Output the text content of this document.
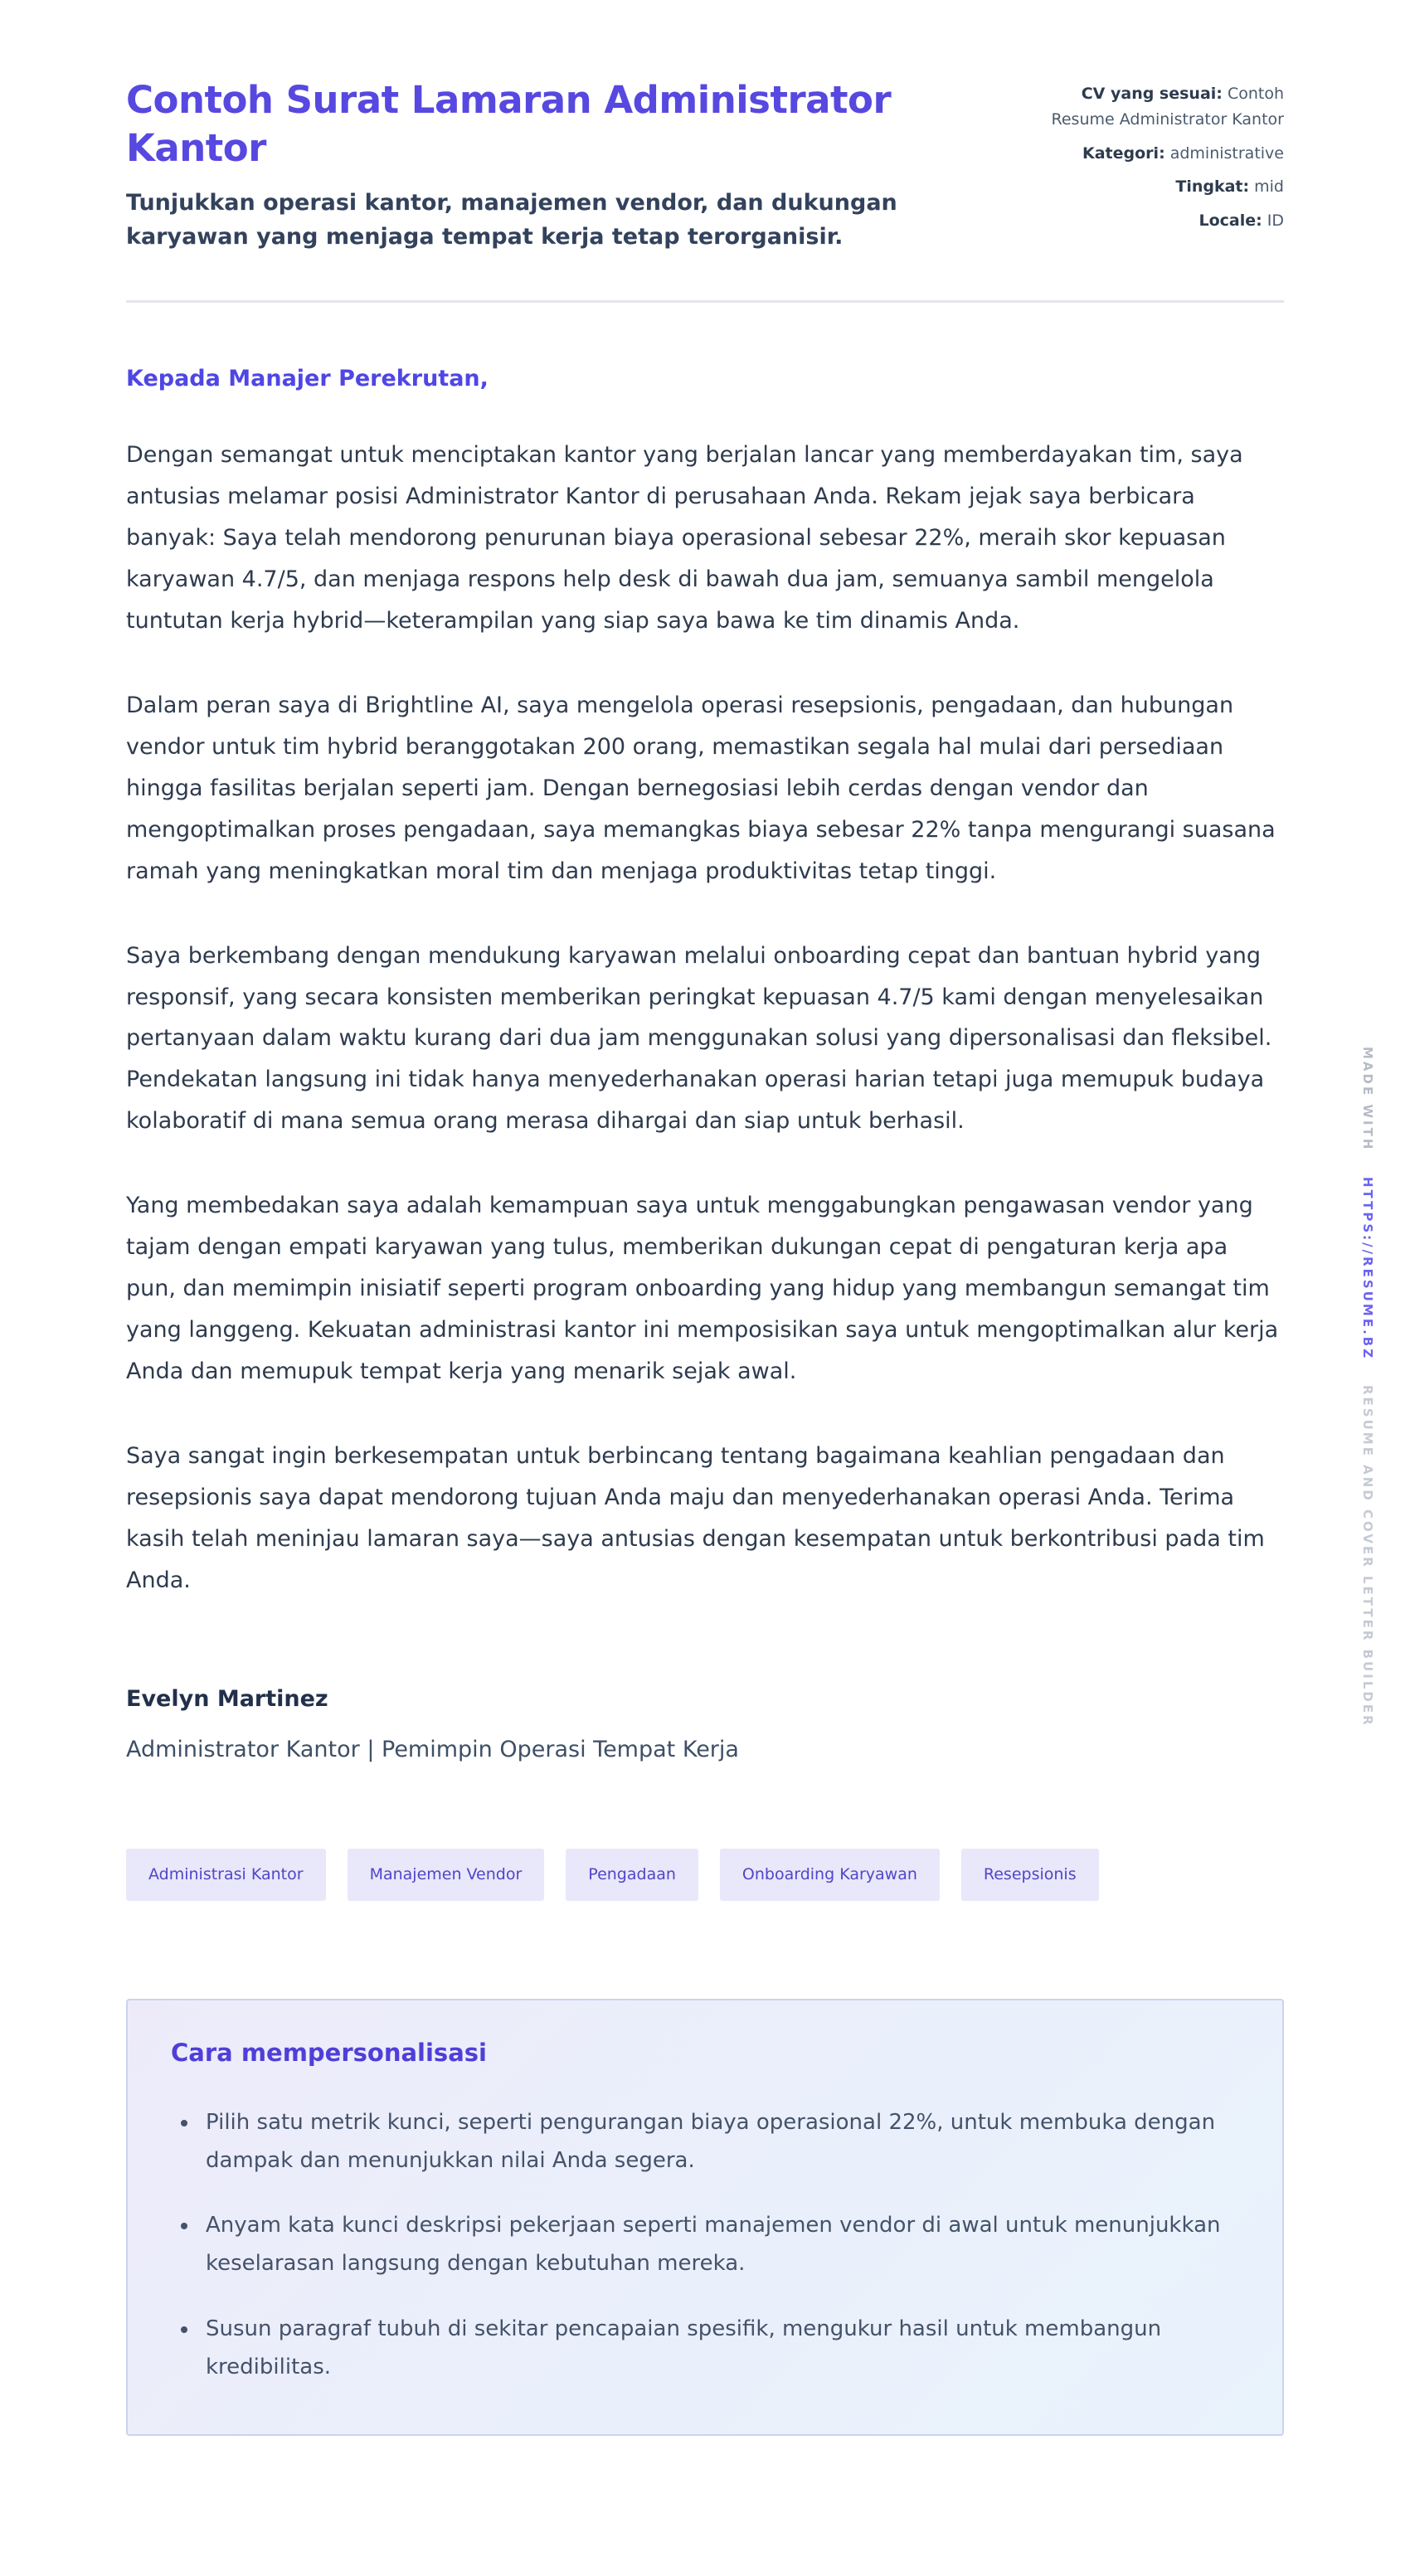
Contoh Surat Lamaran Administrator Kantor

Tunjukkan operasi kantor, manajemen vendor, dan dukungan karyawan yang menjaga tempat kerja tetap terorganisir.

CV yang sesuai: Contoh Resume Administrator Kantor

Kategori: administrative

Tingkat: mid

Locale: ID

Kepada Manajer Perekrutan,

Dengan semangat untuk menciptakan kantor yang berjalan lancar yang memberdayakan tim, saya antusias melamar posisi Administrator Kantor di perusahaan Anda. Rekam jejak saya berbicara banyak: Saya telah mendorong penurunan biaya operasional sebesar 22%, meraih skor kepuasan karyawan 4.7/5, dan menjaga respons help desk di bawah dua jam, semuanya sambil mengelola tuntutan kerja hybrid—keterampilan yang siap saya bawa ke tim dinamis Anda.

Dalam peran saya di Brightline AI, saya mengelola operasi resepsionis, pengadaan, dan hubungan vendor untuk tim hybrid beranggotakan 200 orang, memastikan segala hal mulai dari persediaan hingga fasilitas berjalan seperti jam. Dengan bernegosiasi lebih cerdas dengan vendor dan mengoptimalkan proses pengadaan, saya memangkas biaya sebesar 22% tanpa mengurangi suasana ramah yang meningkatkan moral tim dan menjaga produktivitas tetap tinggi.

Saya berkembang dengan mendukung karyawan melalui onboarding cepat dan bantuan hybrid yang responsif, yang secara konsisten memberikan peringkat kepuasan 4.7/5 kami dengan menyelesaikan pertanyaan dalam waktu kurang dari dua jam menggunakan solusi yang dipersonalisasi dan fleksibel. Pendekatan langsung ini tidak hanya menyederhanakan operasi harian tetapi juga memupuk budaya kolaboratif di mana semua orang merasa dihargai dan siap untuk berhasil.

Yang membedakan saya adalah kemampuan saya untuk menggabungkan pengawasan vendor yang tajam dengan empati karyawan yang tulus, memberikan dukungan cepat di pengaturan kerja apa pun, dan memimpin inisiatif seperti program onboarding yang hidup yang membangun semangat tim yang langgeng. Kekuatan administrasi kantor ini memposisikan saya untuk mengoptimalkan alur kerja Anda dan memupuk tempat kerja yang menarik sejak awal.

Saya sangat ingin berkesempatan untuk berbincang tentang bagaimana keahlian pengadaan dan resepsionis saya dapat mendorong tujuan Anda maju dan menyederhanakan operasi Anda. Terima kasih telah meninjau lamaran saya—saya antusias dengan kesempatan untuk berkontribusi pada tim Anda.

Evelyn Martinez

Administrator Kantor | Pemimpin Operasi Tempat Kerja

Administrasi Kantor	Manajemen Vendor	Pengadaan	Onboarding Karyawan	Resepsionis
Cara mempersonalisasi
• Pilih satu metrik kunci, seperti pengurangan biaya operasional 22%, untuk membuka dengan dampak dan menunjukkan nilai Anda segera.
• Anyam kata kunci deskripsi pekerjaan seperti manajemen vendor di awal untuk menunjukkan keselarasan langsung dengan kebutuhan mereka.
• Susun paragraf tubuh di sekitar pencapaian spesifik, mengukur hasil untuk membangun kredibilitas.
MADE WITH HTTPS://RESUME.BZ RESUME AND COVER LETTER BUILDER
